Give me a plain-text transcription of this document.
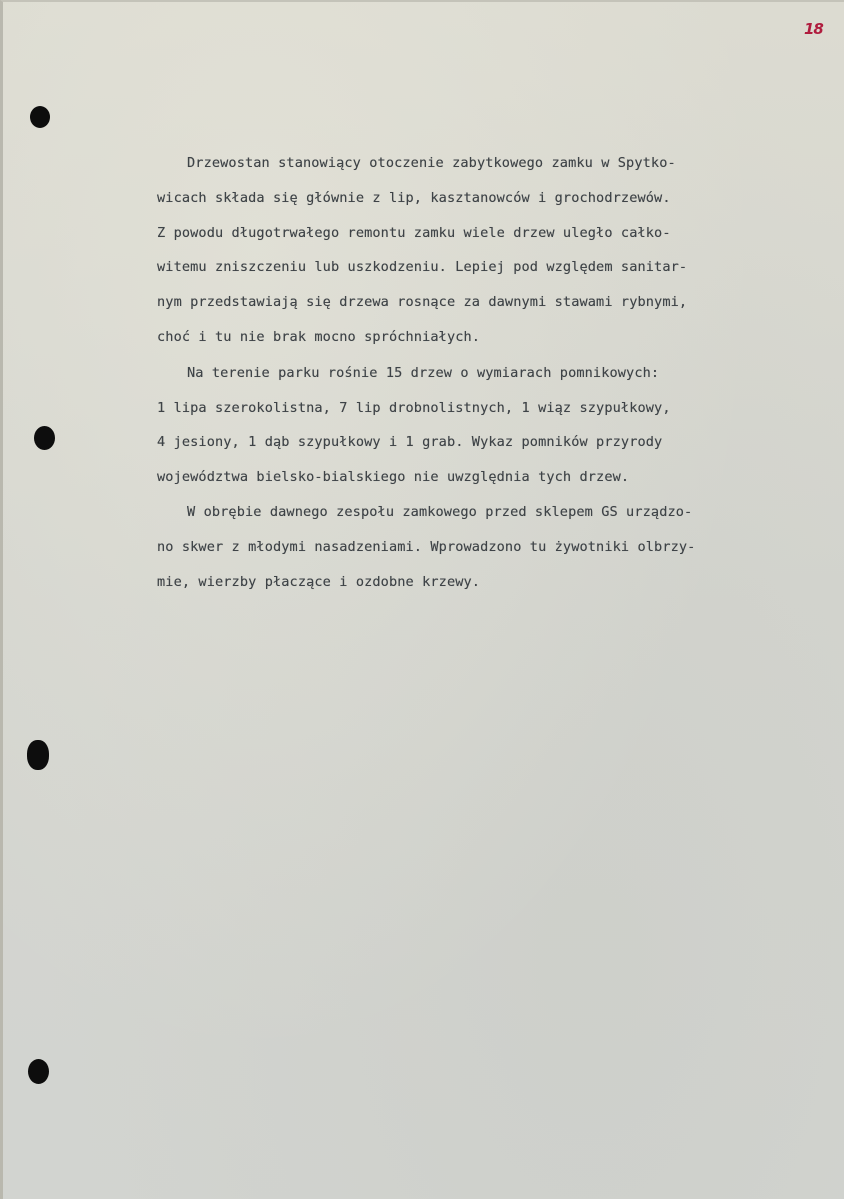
18
Drzewostan stanowiący otoczenie zabytkowego zamku w Spytko-
wicach składa się głównie z lip, kasztanowców i grochodrzewów.
Z powodu długotrwałego remontu zamku wiele drzew uległo całko-
witemu zniszczeniu lub uszkodzeniu. Lepiej pod względem sanitar-
nym przedstawiają się drzewa rosnące za dawnymi stawami rybnymi,
choć i tu nie brak mocno spróchniałych.
Na terenie parku rośnie 15 drzew o wymiarach pomnikowych:
1 lipa szerokolistna, 7 lip drobnolistnych, 1 wiąz szypułkowy,
4 jesiony, 1 dąb szypułkowy i 1 grab. Wykaz pomników przyrody
województwa bielsko-bialskiego nie uwzględnia tych drzew.
W obrębie dawnego zespołu zamkowego przed sklepem GS urządzo-
no skwer z młodymi nasadzeniami. Wprowadzono tu żywotniki olbrzy-
mie, wierzby płaczące i ozdobne krzewy.
